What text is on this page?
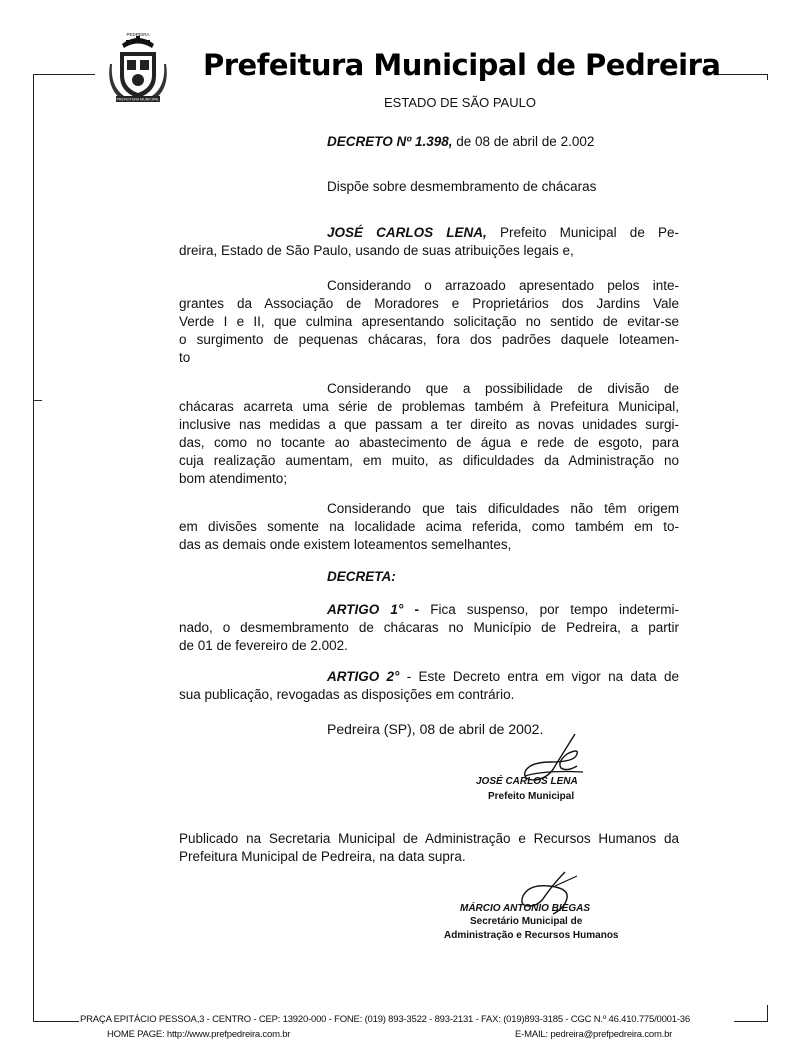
PREFEITURA MUNICIPAL
PEDREIRA
Prefeitura Municipal de Pedreira
ESTADO DE SÃO PAULO
DECRETO Nº 1.398, de 08 de abril de 2.002
Dispõe sobre desmembramento de chácaras
JOSÉ CARLOS LENA, Prefeito Municipal de Pe-
dreira, Estado de São Paulo, usando de suas atribuições legais e,
Considerando o arrazoado apresentado pelos inte-
grantes da Associação de Moradores e Proprietários dos Jardins Vale
Verde I e II, que culmina apresentando solicitação no sentido de evitar-se
o surgimento de pequenas chácaras, fora dos padrões daquele loteamen-
to
Considerando que a possibilidade de divisão de
chácaras acarreta uma série de problemas também à Prefeitura Municipal,
inclusive nas medidas a que passam a ter direito as novas unidades surgi-
das, como no tocante ao abastecimento de água e rede de esgoto, para
cuja realização aumentam, em muito, as dificuldades da Administração no
bom atendimento;
Considerando que tais dificuldades não têm origem
em divisões somente na localidade acima referida, como também em to-
das as demais onde existem loteamentos semelhantes,
DECRETA:
ARTIGO 1° - Fica suspenso, por tempo indetermi-
nado, o desmembramento de chácaras no Município de Pedreira, a partir
de 01 de fevereiro de 2.002.
ARTIGO 2° - Este Decreto entra em vigor na data de
sua publicação, revogadas as disposições em contrário.
Pedreira (SP), 08 de abril de 2002.
JOSÉ CARLOS LENA
Prefeito Municipal
Publicado na Secretaria Municipal de Administração e Recursos Humanos da
Prefeitura Municipal de Pedreira, na data supra.
MÁRCIO ANTONIO BIEGAS
Secretário Municipal de
Administração e Recursos Humanos
PRAÇA EPITÁCIO PESSOA,3 - CENTRO - CEP: 13920-000 - FONE: (019) 893-3522 - 893-2131 - FAX: (019)893-3185 - CGC N.º 46.410.775/0001-36
HOME PAGE: http://www.prefpedreira.com.br	E-MAIL: pedreira@prefpedreira.com.br
